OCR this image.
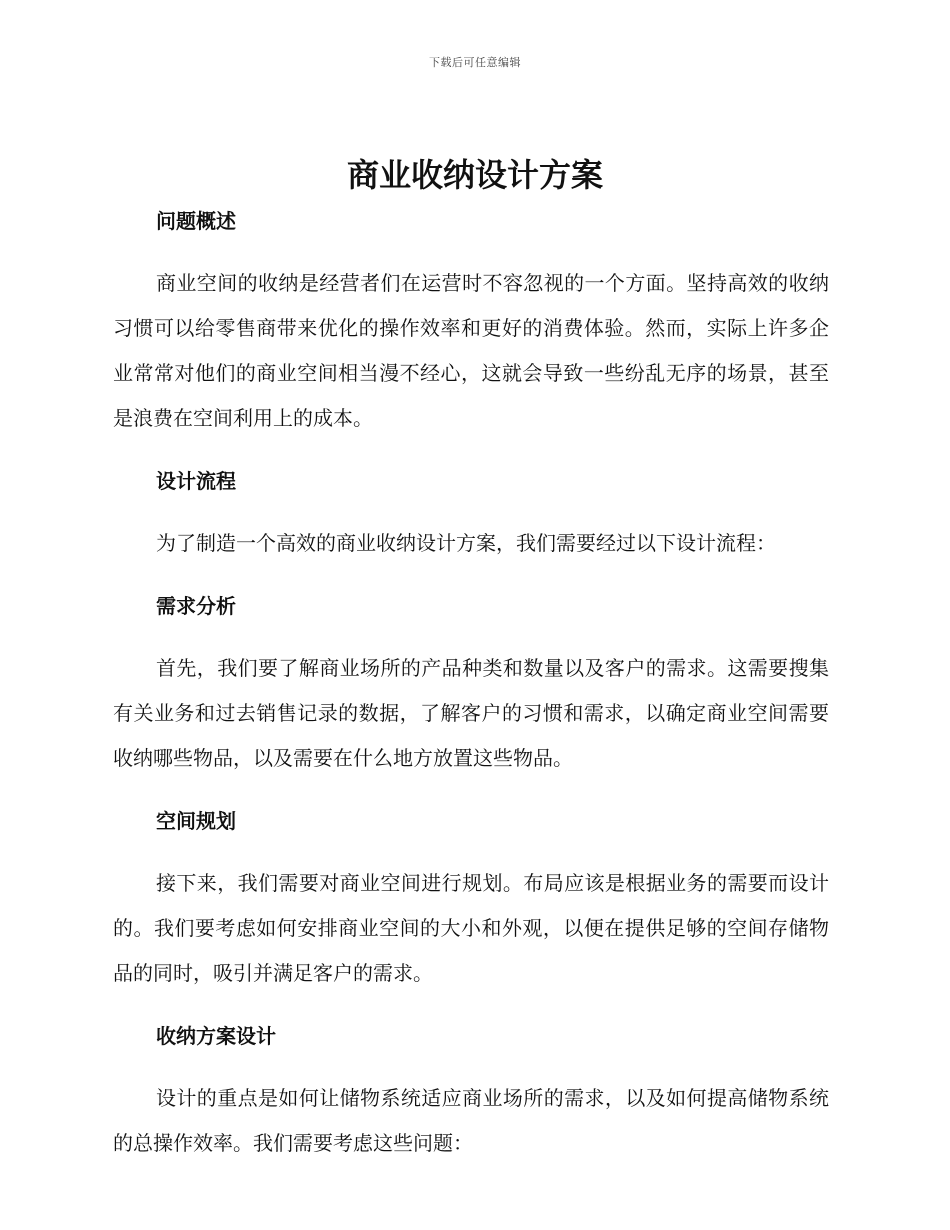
下载后可任意编辑
商业收纳设计方案
问题概述

商业空间的收纳是经营者们在运营时不容忽视的一个方面。坚持高效的收纳习惯可以给零售商带来优化的操作效率和更好的消费体验。然而，实际上许多企业常常对他们的商业空间相当漫不经心，这就会导致一些纷乱无序的场景，甚至是浪费在空间利用上的成本。

设计流程

为了制造一个高效的商业收纳设计方案，我们需要经过以下设计流程：

需求分析

首先，我们要了解商业场所的产品种类和数量以及客户的需求。这需要搜集有关业务和过去销售记录的数据，了解客户的习惯和需求，以确定商业空间需要收纳哪些物品，以及需要在什么地方放置这些物品。

空间规划

接下来，我们需要对商业空间进行规划。布局应该是根据业务的需要而设计的。我们要考虑如何安排商业空间的大小和外观，以便在提供足够的空间存储物品的同时，吸引并满足客户的需求。

收纳方案设计

设计的重点是如何让储物系统适应商业场所的需求，以及如何提高储物系统的总操作效率。我们需要考虑这些问题：
